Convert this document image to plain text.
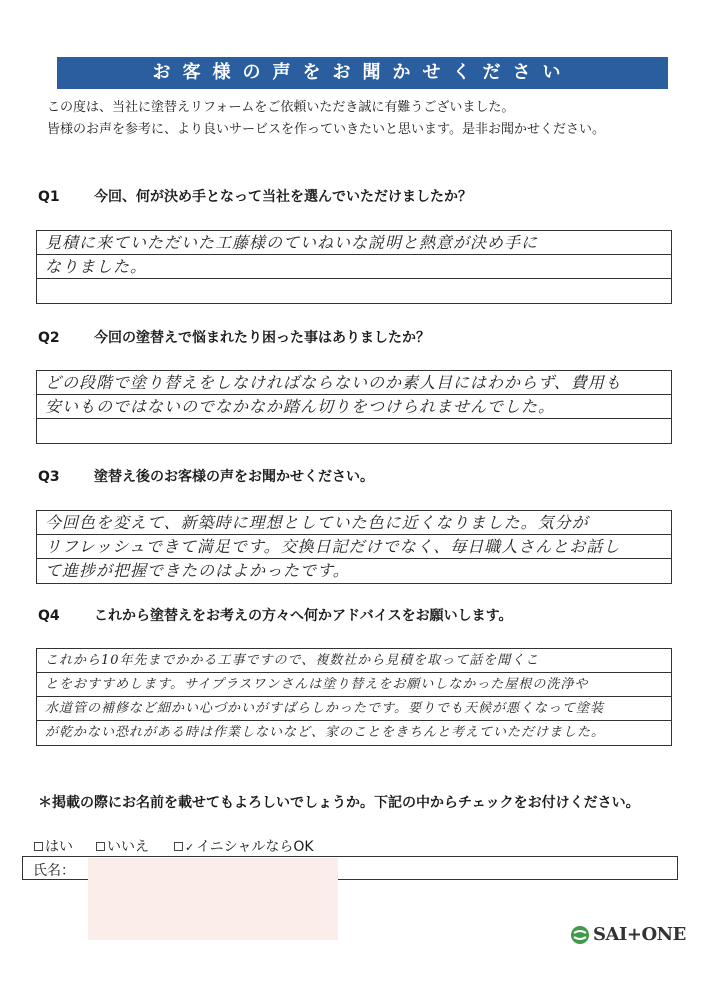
お客様の声をお聞かせください
この度は、当社に塗替えリフォームをご依頼いただき誠に有難うございました。
皆様のお声を参考に、より良いサービスを作っていきたいと思います。是非お聞かせください。
Q1 今回、何が決め手となって当社を選んでいただけましたか？
見積に来ていただいた工藤様のていねいな説明と熱意が決め手に
なりました。
Q2 今回の塗替えで悩まれたり困った事はありましたか？
どの段階で塗り替えをしなければならないのか素人目にはわからず、費用も
安いものではないのでなかなか踏ん切りをつけられませんでした。
Q3 塗替え後のお客様の声をお聞かせください。
今回色を変えて、新築時に理想としていた色に近くなりました。気分が
リフレッシュできて満足です。交換日記だけでなく、毎日職人さんとお話し
て進捗が把握できたのはよかったです。
Q4 これから塗替えをお考えの方々へ何かアドバイスをお願いします。
これから10年先までかかる工事ですので、複数社から見積を取って話を聞くこ
とをおすすめします。サイプラスワンさんは塗り替えをお願いしなかった屋根の洗浄や
水道管の補修など細かい心づかいがすばらしかったです。要りでも天候が悪くなって塗装
が乾かない恐れがある時は作業しないなど、家のことをきちんと考えていただけました。
＊掲載の際にお名前を載せてもよろしいでしょうか。下記の中からチェックをお付けください。
はい	いいえ	✓ イニシャルならOK
氏名：
SAI+ONE
